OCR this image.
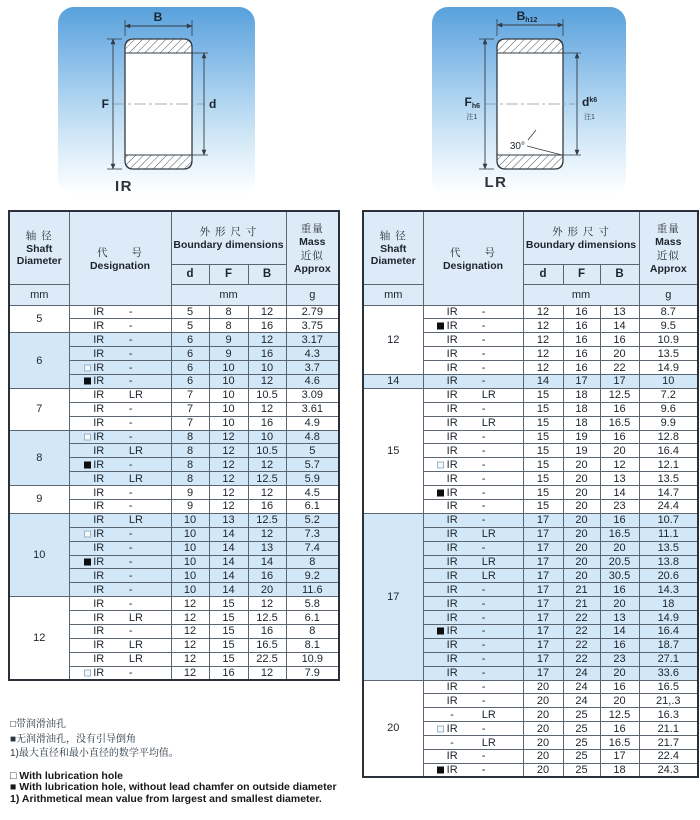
B
F	d
IR
Bh12
Fh6
注1
$d^{k6}$
注1
30°
LR
轴 径
Shaft
Diameter

代　　号
Designation

外 形 尺 寸
Boundary dimensions

重量
Mass
近似
Approx

		d	F	B	
mm		mm			g
5	IR -	5	8	12	2.79

	IR -	5	8	16	3.75
6	IR -	6	9	12	3.17

	IR -	6	9	16	4.3

	IR -	6	10	10	3.7

	IR -	6	10	12	4.6
7	IR LR	7	10	10.5	3.09

	IR -	7	10	12	3.61

	IR -	7	10	16	4.9
8	IR -	8	12	10	4.8

	IR LR	8	12	10.5	5

	IR -	8	12	12	5.7

	IR LR	8	12	12.5	5.9
9	IR -	9	12	12	4.5

	IR -	9	12	16	6.1
10	IR LR	10	13	12.5	5.2

	IR -	10	14	12	7.3

	IR -	10	14	13	7.4

	IR -	10	14	14	8

	IR -	10	14	16	9.2

	IR -	10	14	20	11.6
12	IR -	12	15	12	5.8

	IR LR	12	15	12.5	6.1

	IR -	12	15	16	8

	IR LR	12	15	16.5	8.1

	IR LR	12	15	22.5	10.9

	IR -	12	16	12	7.9
轴 径
Shaft
Diameter

代　　号
Designation

外 形 尺 寸
Boundary dimensions

重量
Mass
近似
Approx

		d	F	B	
mm		mm			g
12	IR -	12	16	13	8.7

	IR -	12	16	14	9.5

	IR -	12	16	16	10.9

	IR -	12	16	20	13.5

	IR -	12	16	22	14.9
14	IR -	14	17	17	10
15	IR LR	15	18	12.5	7.2

	IR -	15	18	16	9.6

	IR LR	15	18	16.5	9.9

	IR -	15	19	16	12.8

	IR -	15	19	20	16.4

	IR -	15	20	12	12.1

	IR -	15	20	13	13.5

	IR -	15	20	14	14.7

	IR -	15	20	23	24.4
17	IR -	17	20	16	10.7

	IR LR	17	20	16.5	11.1

	IR -	17	20	20	13.5

	IR LR	17	20	20.5	13.8

	IR LR	17	20	30.5	20.6

	IR -	17	21	16	14.3

	IR -	17	21	20	18

	IR -	17	22	13	14.9

	IR -	17	22	14	16.4

	IR -	17	22	16	18.7

	IR -	17	22	23	27.1

	IR -	17	24	20	33.6
20	IR -	20	24	16	16.5

	IR -	20	24	20	21,.3

	- LR	20	25	12.5	16.3

	IR -	20	25	16	21.1

	- LR	20	25	16.5	21.7

	IR -	20	25	17	22.4

	IR -	20	25	18	24.3
□带润滑油孔
■无润滑油孔，没有引导倒角
1)最大直径和最小直径的数学平均值。
□ With lubrication hole
■ With lubrication hole, without lead chamfer on outside diameter
1) Arithmetical mean value from largest and smallest diameter.
